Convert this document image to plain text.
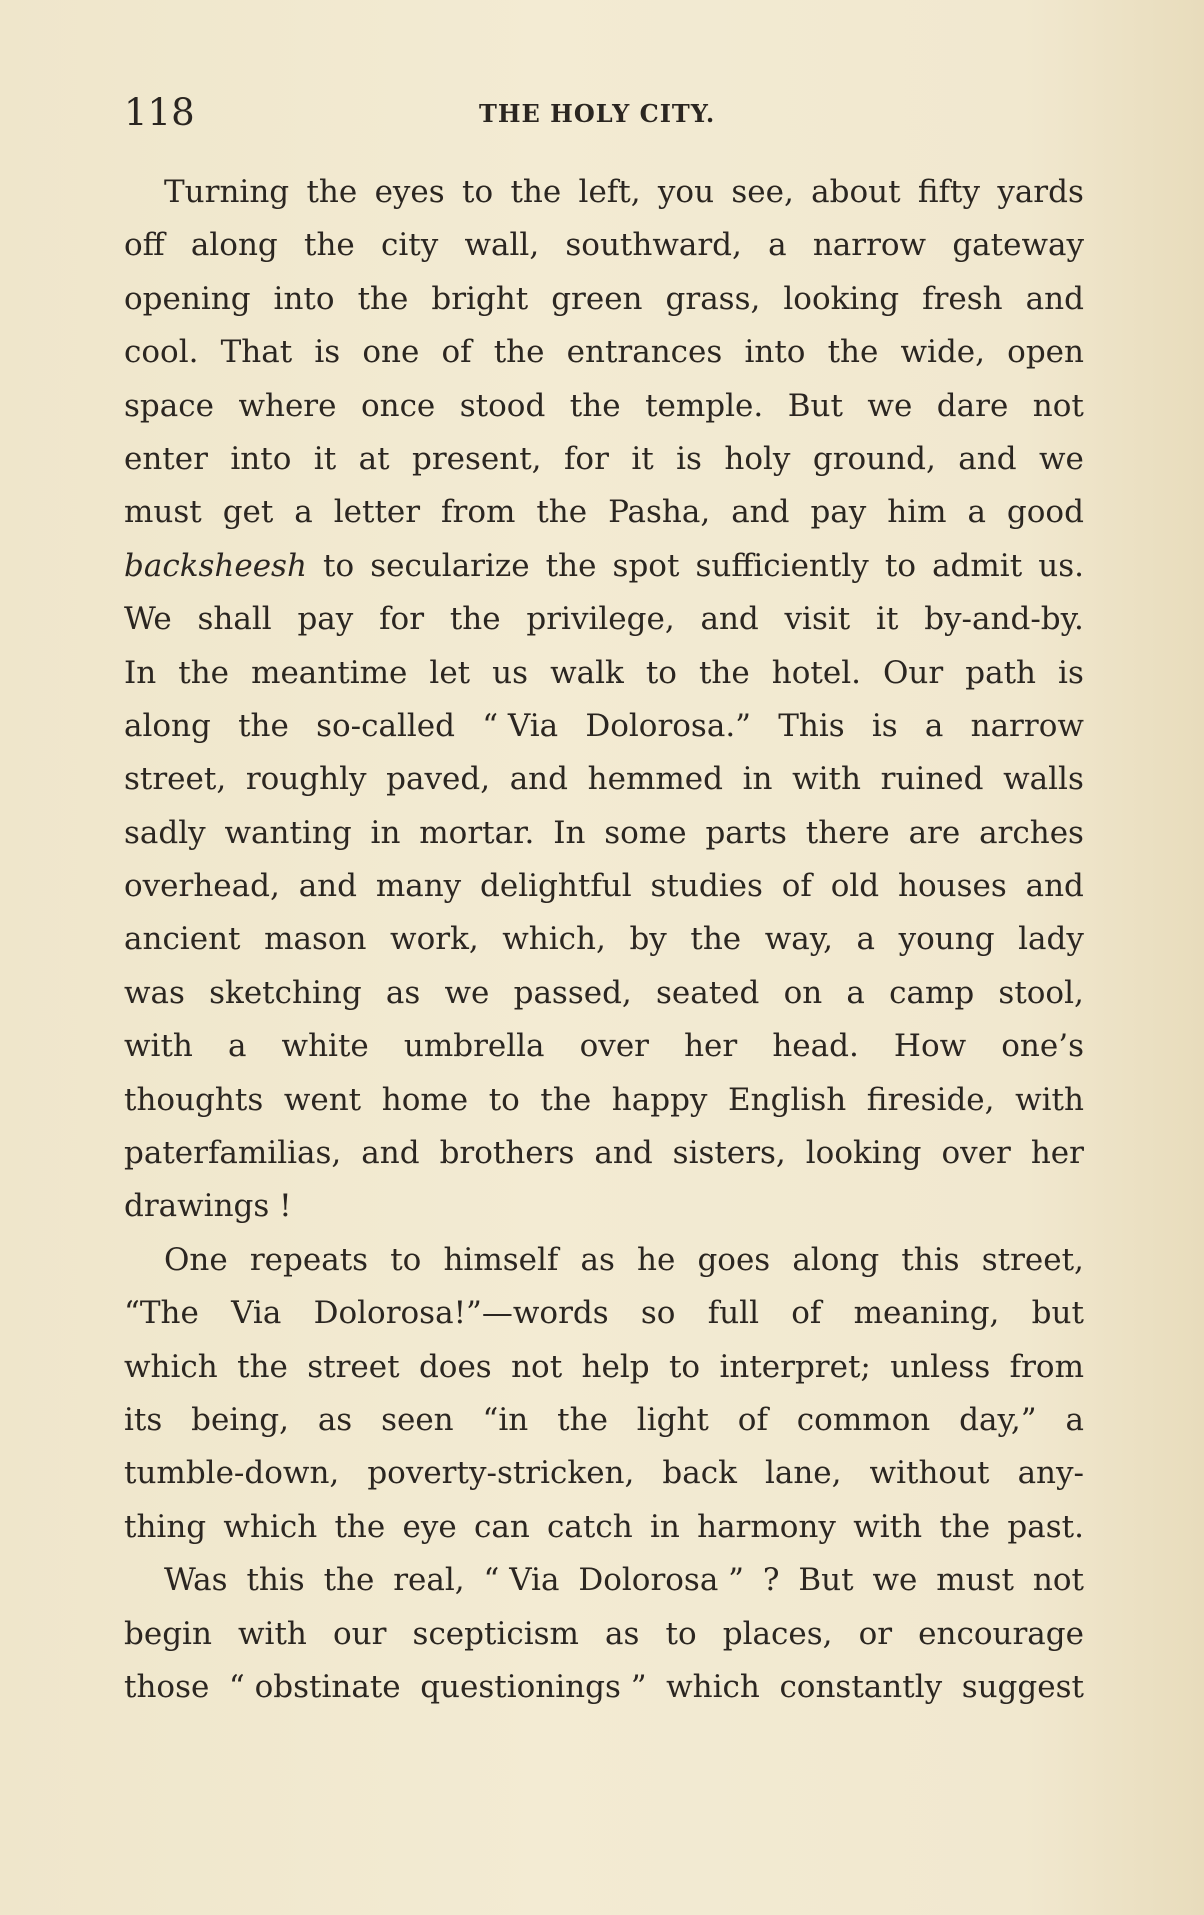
118	THE HOLY CITY.
Turning the eyes to the left, you see, about fifty yards
off along the city wall, southward, a narrow gateway
opening into the bright green grass, looking fresh and
cool. That is one of the entrances into the wide, open
space where once stood the temple. But we dare not
enter into it at present, for it is holy ground, and we
must get a letter from the Pasha, and pay him a good
backsheesh to secularize the spot sufficiently to admit us.
We shall pay for the privilege, and visit it by-and-by.
In the meantime let us walk to the hotel. Our path is
along the so-called “ Via Dolorosa.” This is a narrow
street, roughly paved, and hemmed in with ruined walls
sadly wanting in mortar. In some parts there are arches
overhead, and many delightful studies of old houses and
ancient mason work, which, by the way, a young lady
was sketching as we passed, seated on a camp stool,
with a white umbrella over her head. How one’s
thoughts went home to the happy English fireside, with
paterfamilias, and brothers and sisters, looking over her
drawings !
One repeats to himself as he goes along this street,
“The Via Dolorosa!”—words so full of meaning, but
which the street does not help to interpret; unless from
its being, as seen “in the light of common day,” a
tumble-down, poverty-stricken, back lane, without any-
thing which the eye can catch in harmony with the past.
Was this the real, “ Via Dolorosa ” ? But we must not
begin with our scepticism as to places, or encourage
those “ obstinate questionings ” which constantly suggest
